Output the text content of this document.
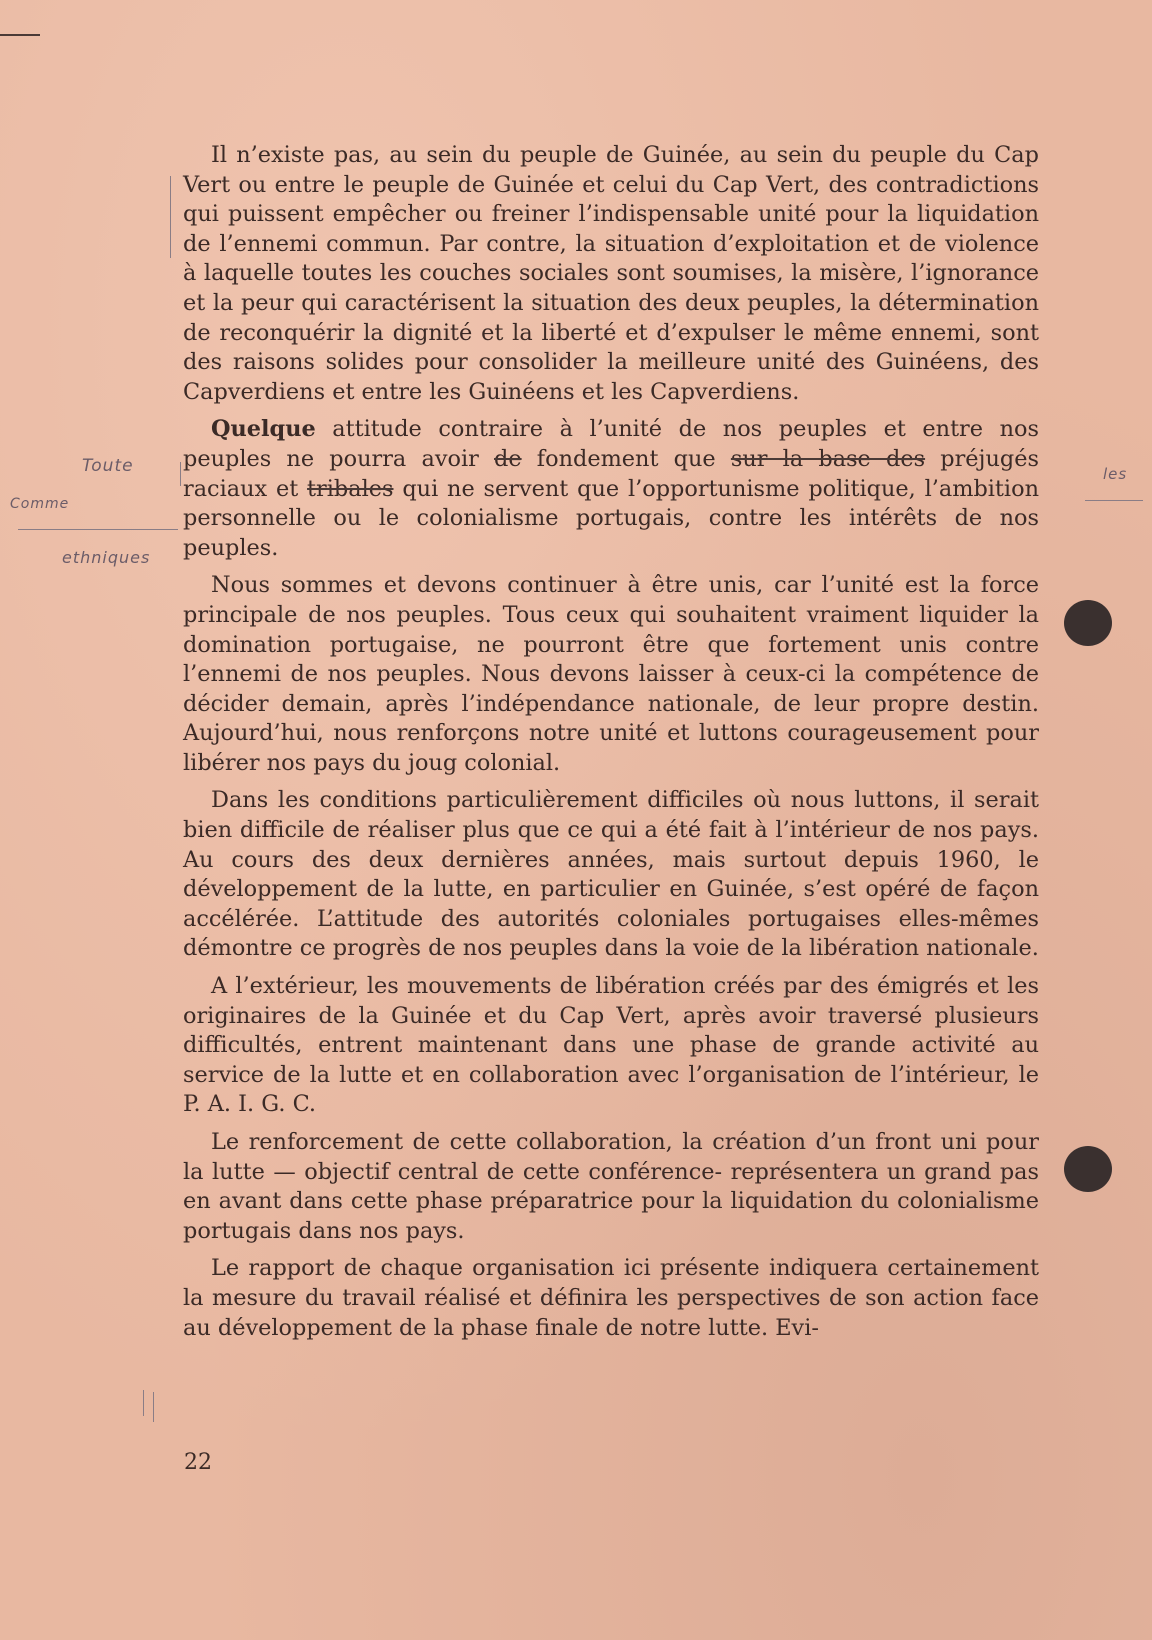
Il n’existe pas, au sein du peuple de Guinée, au sein du peuple du Cap Vert ou entre le peuple de Guinée et celui du Cap Vert, des contradictions qui puissent empêcher ou freiner l’indispensable unité pour la liquidation de l’ennemi commun. Par contre, la situation d’exploitation et de violence à laquelle toutes les couches sociales sont soumises, la misère, l’ignorance et la peur qui caractérisent la situation des deux peuples, la détermination de reconquérir la dignité et la liberté et d’expulser le même ennemi, sont des raisons solides pour consolider la meilleure unité des Guinéens, des Capverdiens et entre les Guinéens et les Capverdiens.

Quelque attitude contraire à l’unité de nos peuples et entre nos peuples ne pourra avoir de fondement que sur la base des préjugés raciaux et tribales qui ne servent que l’opportunisme politique, l’ambition personnelle ou le colonialisme portugais, contre les intérêts de nos peuples.

Nous sommes et devons continuer à être unis, car l’unité est la force principale de nos peuples. Tous ceux qui souhaitent vraiment liquider la domination portugaise, ne pourront être que fortement unis contre l’ennemi de nos peuples. Nous devons laisser à ceux-ci la compétence de décider demain, après l’indépendance nationale, de leur propre destin. Aujourd’hui, nous renforçons notre unité et luttons courageusement pour libérer nos pays du joug colonial.

Dans les conditions particulièrement difficiles où nous luttons, il serait bien difficile de réaliser plus que ce qui a été fait à l’intérieur de nos pays. Au cours des deux dernières années, mais surtout depuis 1960, le développement de la lutte, en particulier en Guinée, s’est opéré de façon accélérée. L’attitude des autorités coloniales portugaises elles-mêmes démontre ce progrès de nos peuples dans la voie de la libération nationale.

A l’extérieur, les mouvements de libération créés par des émigrés et les originaires de la Guinée et du Cap Vert, après avoir traversé plusieurs difficultés, entrent maintenant dans une phase de grande activité au service de la lutte et en collaboration avec l’organisation de l’intérieur, le P. A. I. G. C.

Le renforcement de cette collaboration, la création d’un front uni pour la lutte — objectif central de cette conférence- représentera un grand pas en avant dans cette phase préparatrice pour la liquidation du colonialisme portugais dans nos pays.

Le rapport de chaque organisation ici présente indiquera certainement la mesure du travail réalisé et définira les perspectives de son action face au développement de la phase finale de notre lutte. Evi-

22
Toute
Comme
ethniques
les
